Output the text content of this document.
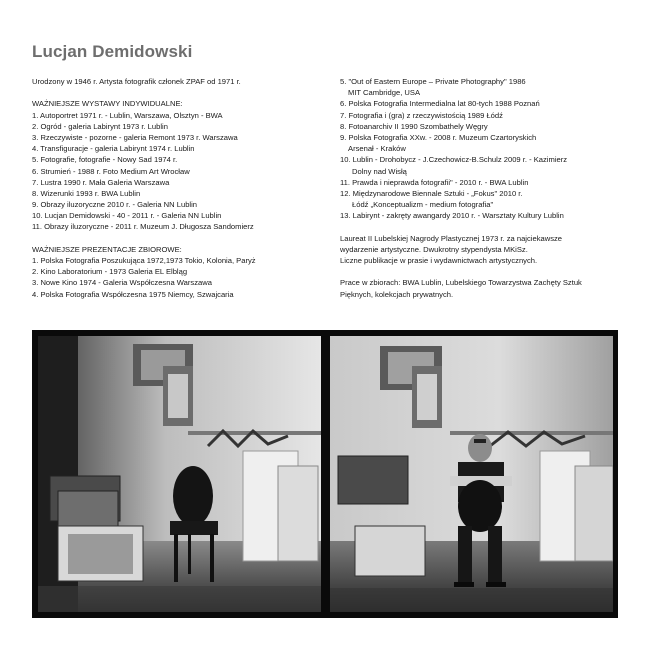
Lucjan Demidowski
Urodzony w 1946 r. Artysta fotografik członek ZPAF od 1971 r.
WAŻNIEJSZE WYSTAWY INDYWIDUALNE:
1. Autoportret 1971 r. - Lublin, Warszawa, Olsztyn - BWA
2. Ogród - galeria Labirynt 1973 r. Lublin
3. Rzeczywiste - pozorne - galeria Remont 1973 r. Warszawa
4. Transfiguracje - galeria Labirynt 1974 r. Lublin
5. Fotografie, fotografie - Nowy Sad 1974 r.
6. Strumień - 1988 r. Foto Medium Art Wrocław
7. Lustra 1990 r. Mała Galeria Warszawa
8. Wizerunki 1993 r. BWA Lublin
9. Obrazy iluzoryczne 2010 r. - Galeria NN Lublin
10. Lucjan Demidowski - 40 - 2011 r. - Galeria NN Lublin
11. Obrazy iluzoryczne - 2011 r. Muzeum J. Długosza Sandomierz
WAŻNIEJSZE PREZENTACJE ZBIOROWE:
1. Polska Fotografia Poszukująca 1972,1973 Tokio, Kolonia, Paryż
2. Kino Laboratorium - 1973 Galeria EL Elbląg
3. Nowe Kino 1974 - Galeria Współczesna Warszawa
4. Polska Fotografia Współczesna 1975 Niemcy, Szwajcaria
5. "Out of Eastern Europe – Private Photography" 1986
MIT Cambridge, USA
6. Polska Fotografia Intermedialna lat 80-tych 1988 Poznań
7. Fotografia i (gra) z rzeczywistością 1989 Łódź
8. Fotoanarchiv II 1990 Szombathely Węgry
9. Polska Fotografia XXw. - 2008 r. Muzeum Czartoryskich
Arsenał - Kraków
10. Lublin - Drohobycz - J.Czechowicz-B.Schulz 2009 r. - Kazimierz
Dolny nad Wisłą
11. Prawda i nieprawda fotografii" - 2010 r. - BWA Lublin
12. Międzynarodowe Biennale Sztuki - „Fokus" 2010 r.
Łódź „Konceptualizm - medium fotografia"
13. Labirynt - zakręty awangardy 2010 r. - Warsztaty Kultury Lublin
Laureat II Lubelskiej Nagrody Plastycznej 1973 r. za najciekawsze
wydarzenie artystyczne. Dwukrotny stypendysta MKiSz.
Liczne publikacje w prasie i wydawnictwach artystycznych.
Prace w zbiorach: BWA Lublin, Lubelskiego Towarzystwa Zachęty Sztuk
Pięknych, kolekcjach prywatnych.
